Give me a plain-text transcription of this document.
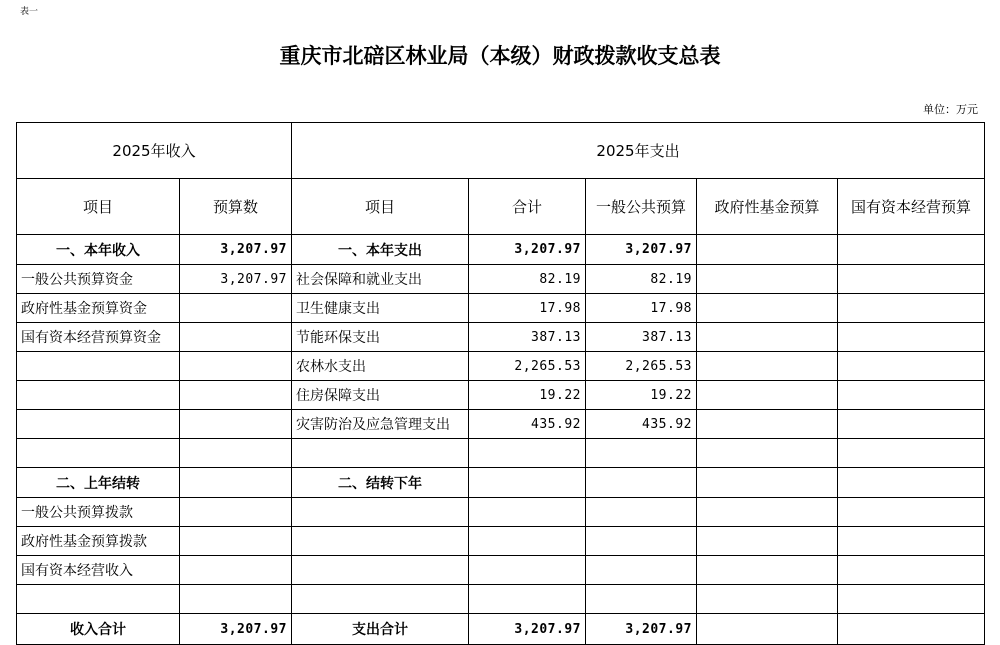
表一
重庆市北碚区林业局（本级）财政拨款收支总表
单位：万元
2025年收入		2025年支出				
项目	预算数	项目	合计	一般公共预算	政府性基金预算	国有资本经营预算
一、本年收入	3,207.97	一、本年支出	3,207.97	3,207.97		
一般公共预算资金	3,207.97	社会保障和就业支出	82.19	82.19		
政府性基金预算资金		卫生健康支出	17.98	17.98		
国有资本经营预算资金		节能环保支出	387.13	387.13		
		农林水支出	2,265.53	2,265.53		
		住房保障支出	19.22	19.22		
		灾害防治及应急管理支出	435.92	435.92		

二、上年结转		二、结转下年				
一般公共预算拨款						
政府性基金预算拨款						
国有资本经营收入						

收入合计	3,207.97	支出合计	3,207.97	3,207.97		
